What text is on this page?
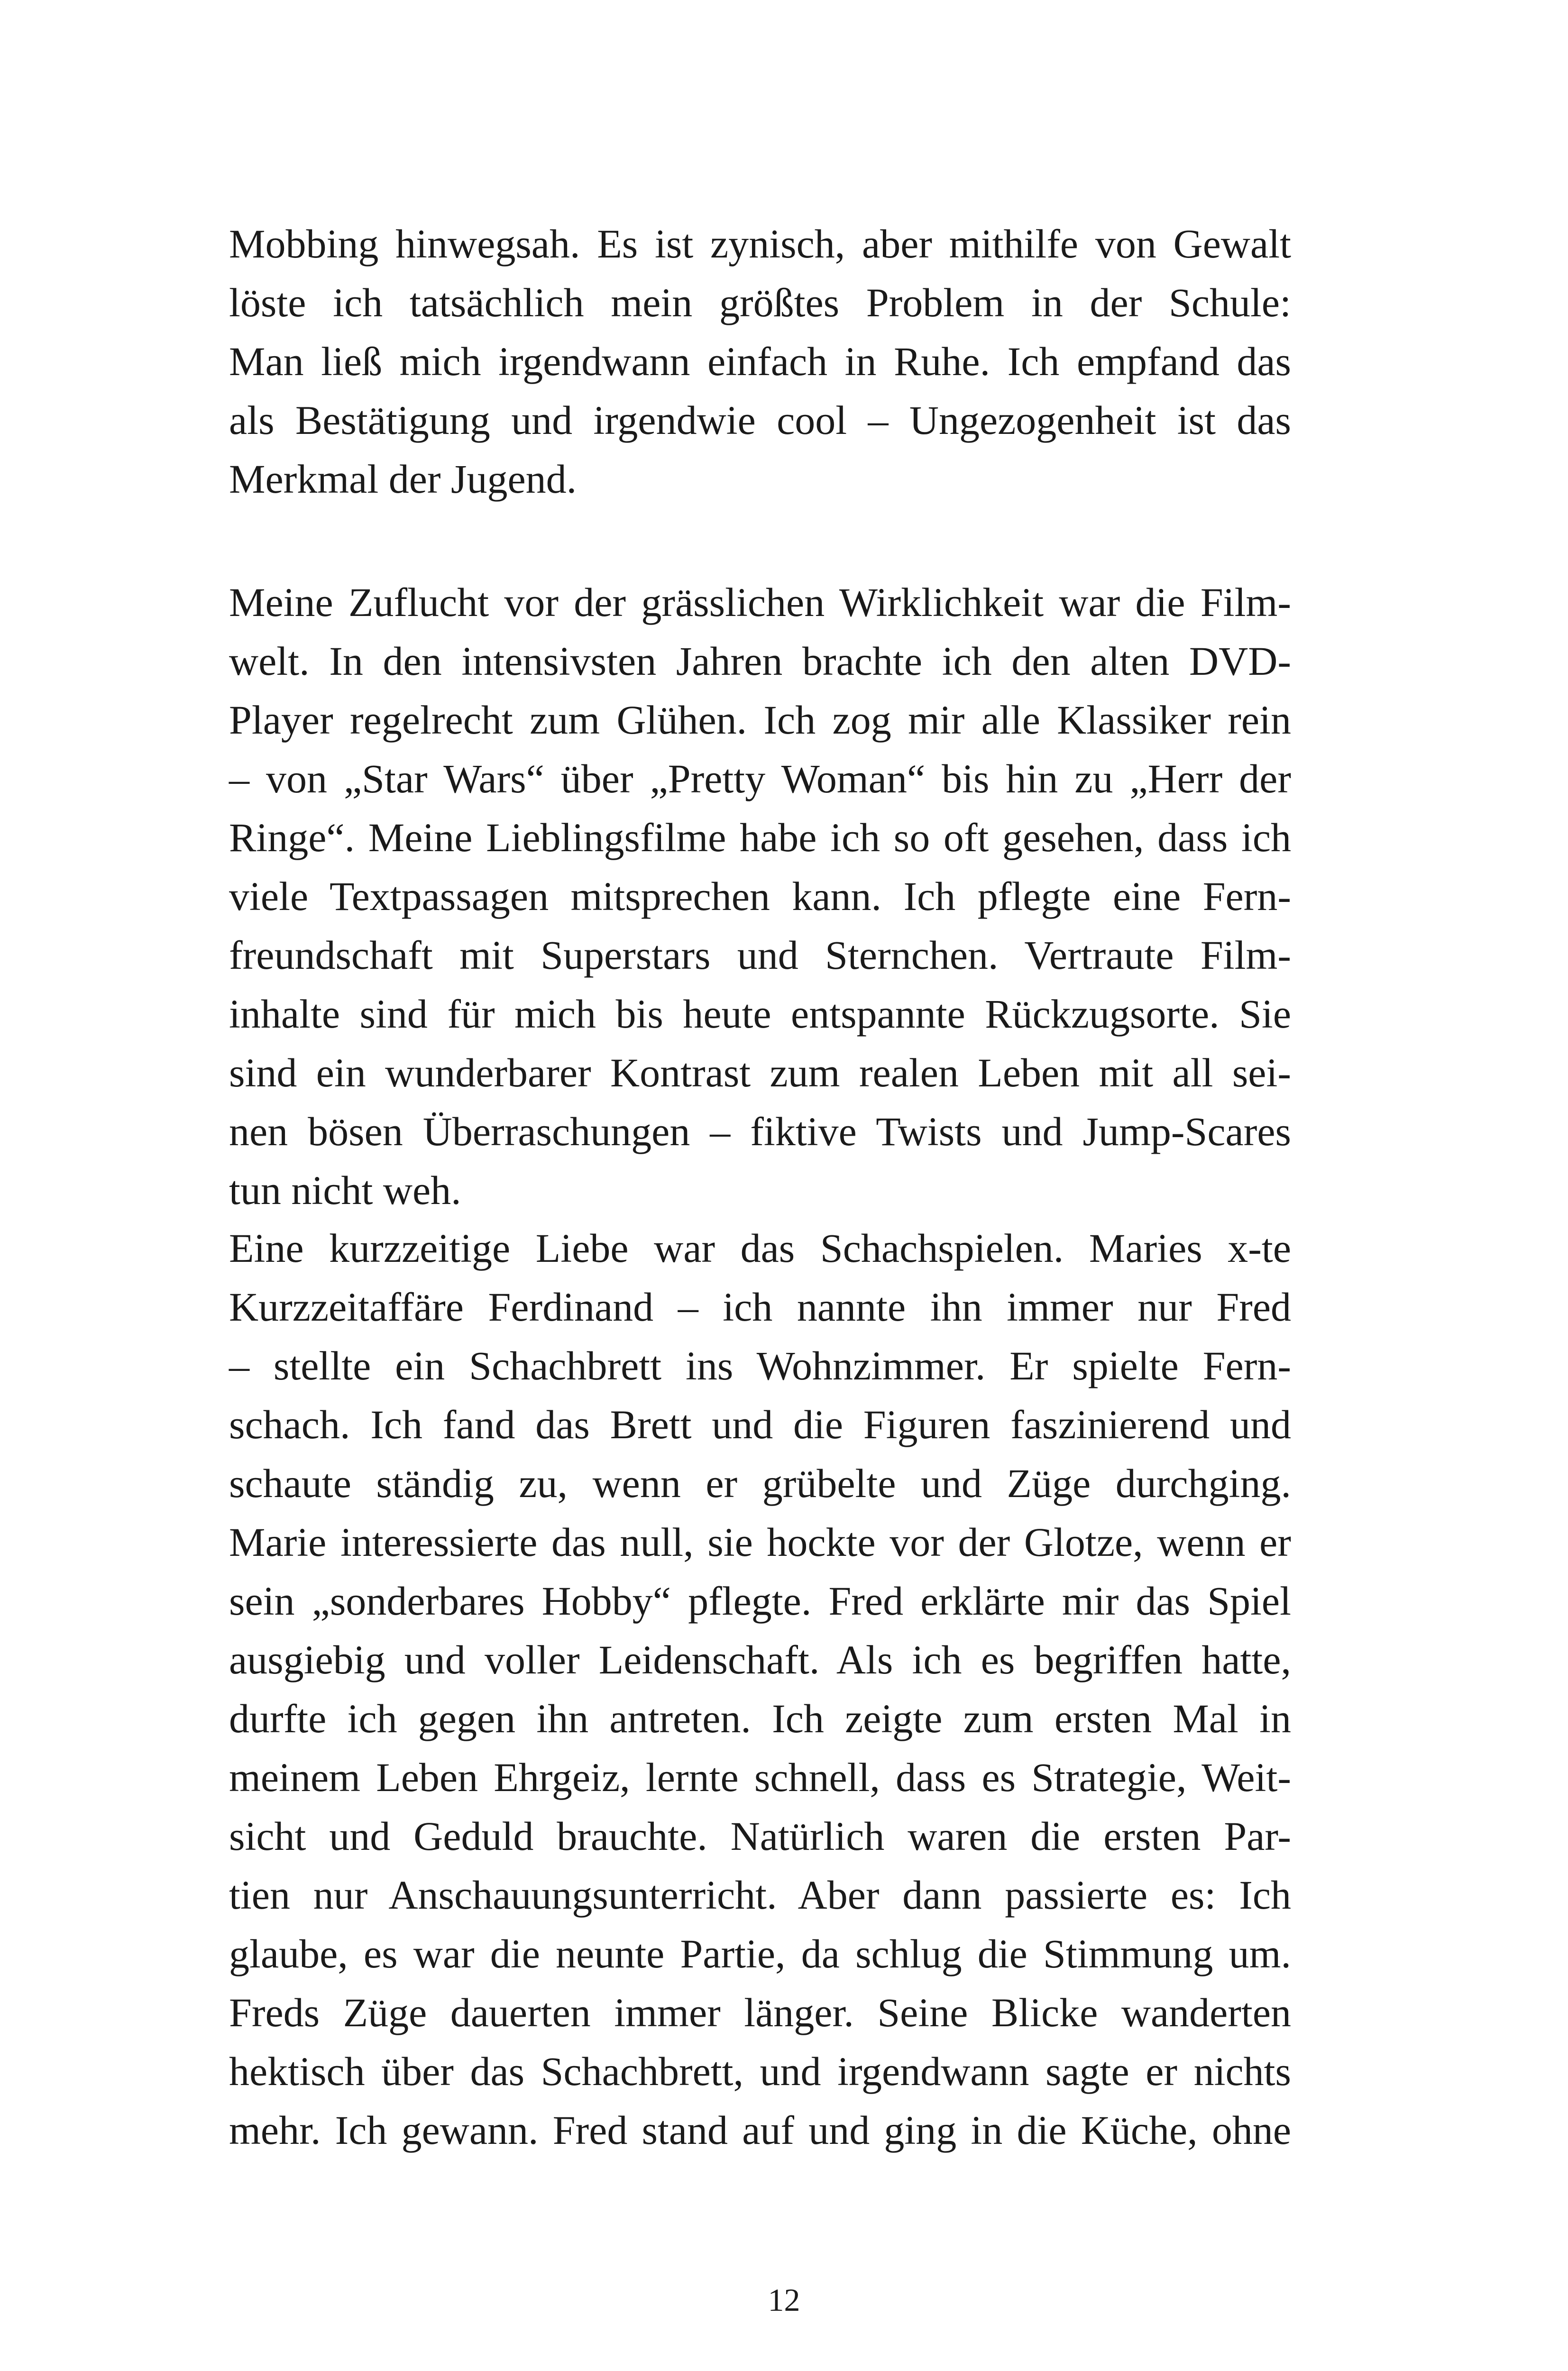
Mobbing hinwegsah. Es ist zynisch, aber mithilfe von Gewalt
löste ich tatsächlich mein größtes Problem in der Schule:
Man ließ mich irgendwann einfach in Ruhe. Ich empfand das
als Bestätigung und irgendwie cool – Ungezogenheit ist das
Merkmal der Jugend.
Meine Zuflucht vor der grässlichen Wirklichkeit war die Film-
welt. In den intensivsten Jahren brachte ich den alten DVD-
Player regelrecht zum Glühen. Ich zog mir alle Klassiker rein
– von „Star Wars“ über „Pretty Woman“ bis hin zu „Herr der
Ringe“. Meine Lieblingsfilme habe ich so oft gesehen, dass ich
viele Textpassagen mitsprechen kann. Ich pflegte eine Fern-
freundschaft mit Superstars und Sternchen. Vertraute Film-
inhalte sind für mich bis heute entspannte Rückzugsorte. Sie
sind ein wunderbarer Kontrast zum realen Leben mit all sei-
nen bösen Überraschungen – fiktive Twists und Jump-Scares
tun nicht weh.
Eine kurzzeitige Liebe war das Schachspielen. Maries x-te
Kurzzeitaffäre Ferdinand – ich nannte ihn immer nur Fred
– stellte ein Schachbrett ins Wohnzimmer. Er spielte Fern-
schach. Ich fand das Brett und die Figuren faszinierend und
schaute ständig zu, wenn er grübelte und Züge durchging.
Marie interessierte das null, sie hockte vor der Glotze, wenn er
sein „sonderbares Hobby“ pflegte. Fred erklärte mir das Spiel
ausgiebig und voller Leidenschaft. Als ich es begriffen hatte,
durfte ich gegen ihn antreten. Ich zeigte zum ersten Mal in
meinem Leben Ehrgeiz, lernte schnell, dass es Strategie, Weit-
sicht und Geduld brauchte. Natürlich waren die ersten Par-
tien nur Anschauungsunterricht. Aber dann passierte es: Ich
glaube, es war die neunte Partie, da schlug die Stimmung um.
Freds Züge dauerten immer länger. Seine Blicke wanderten
hektisch über das Schachbrett, und irgendwann sagte er nichts
mehr. Ich gewann. Fred stand auf und ging in die Küche, ohne
12
